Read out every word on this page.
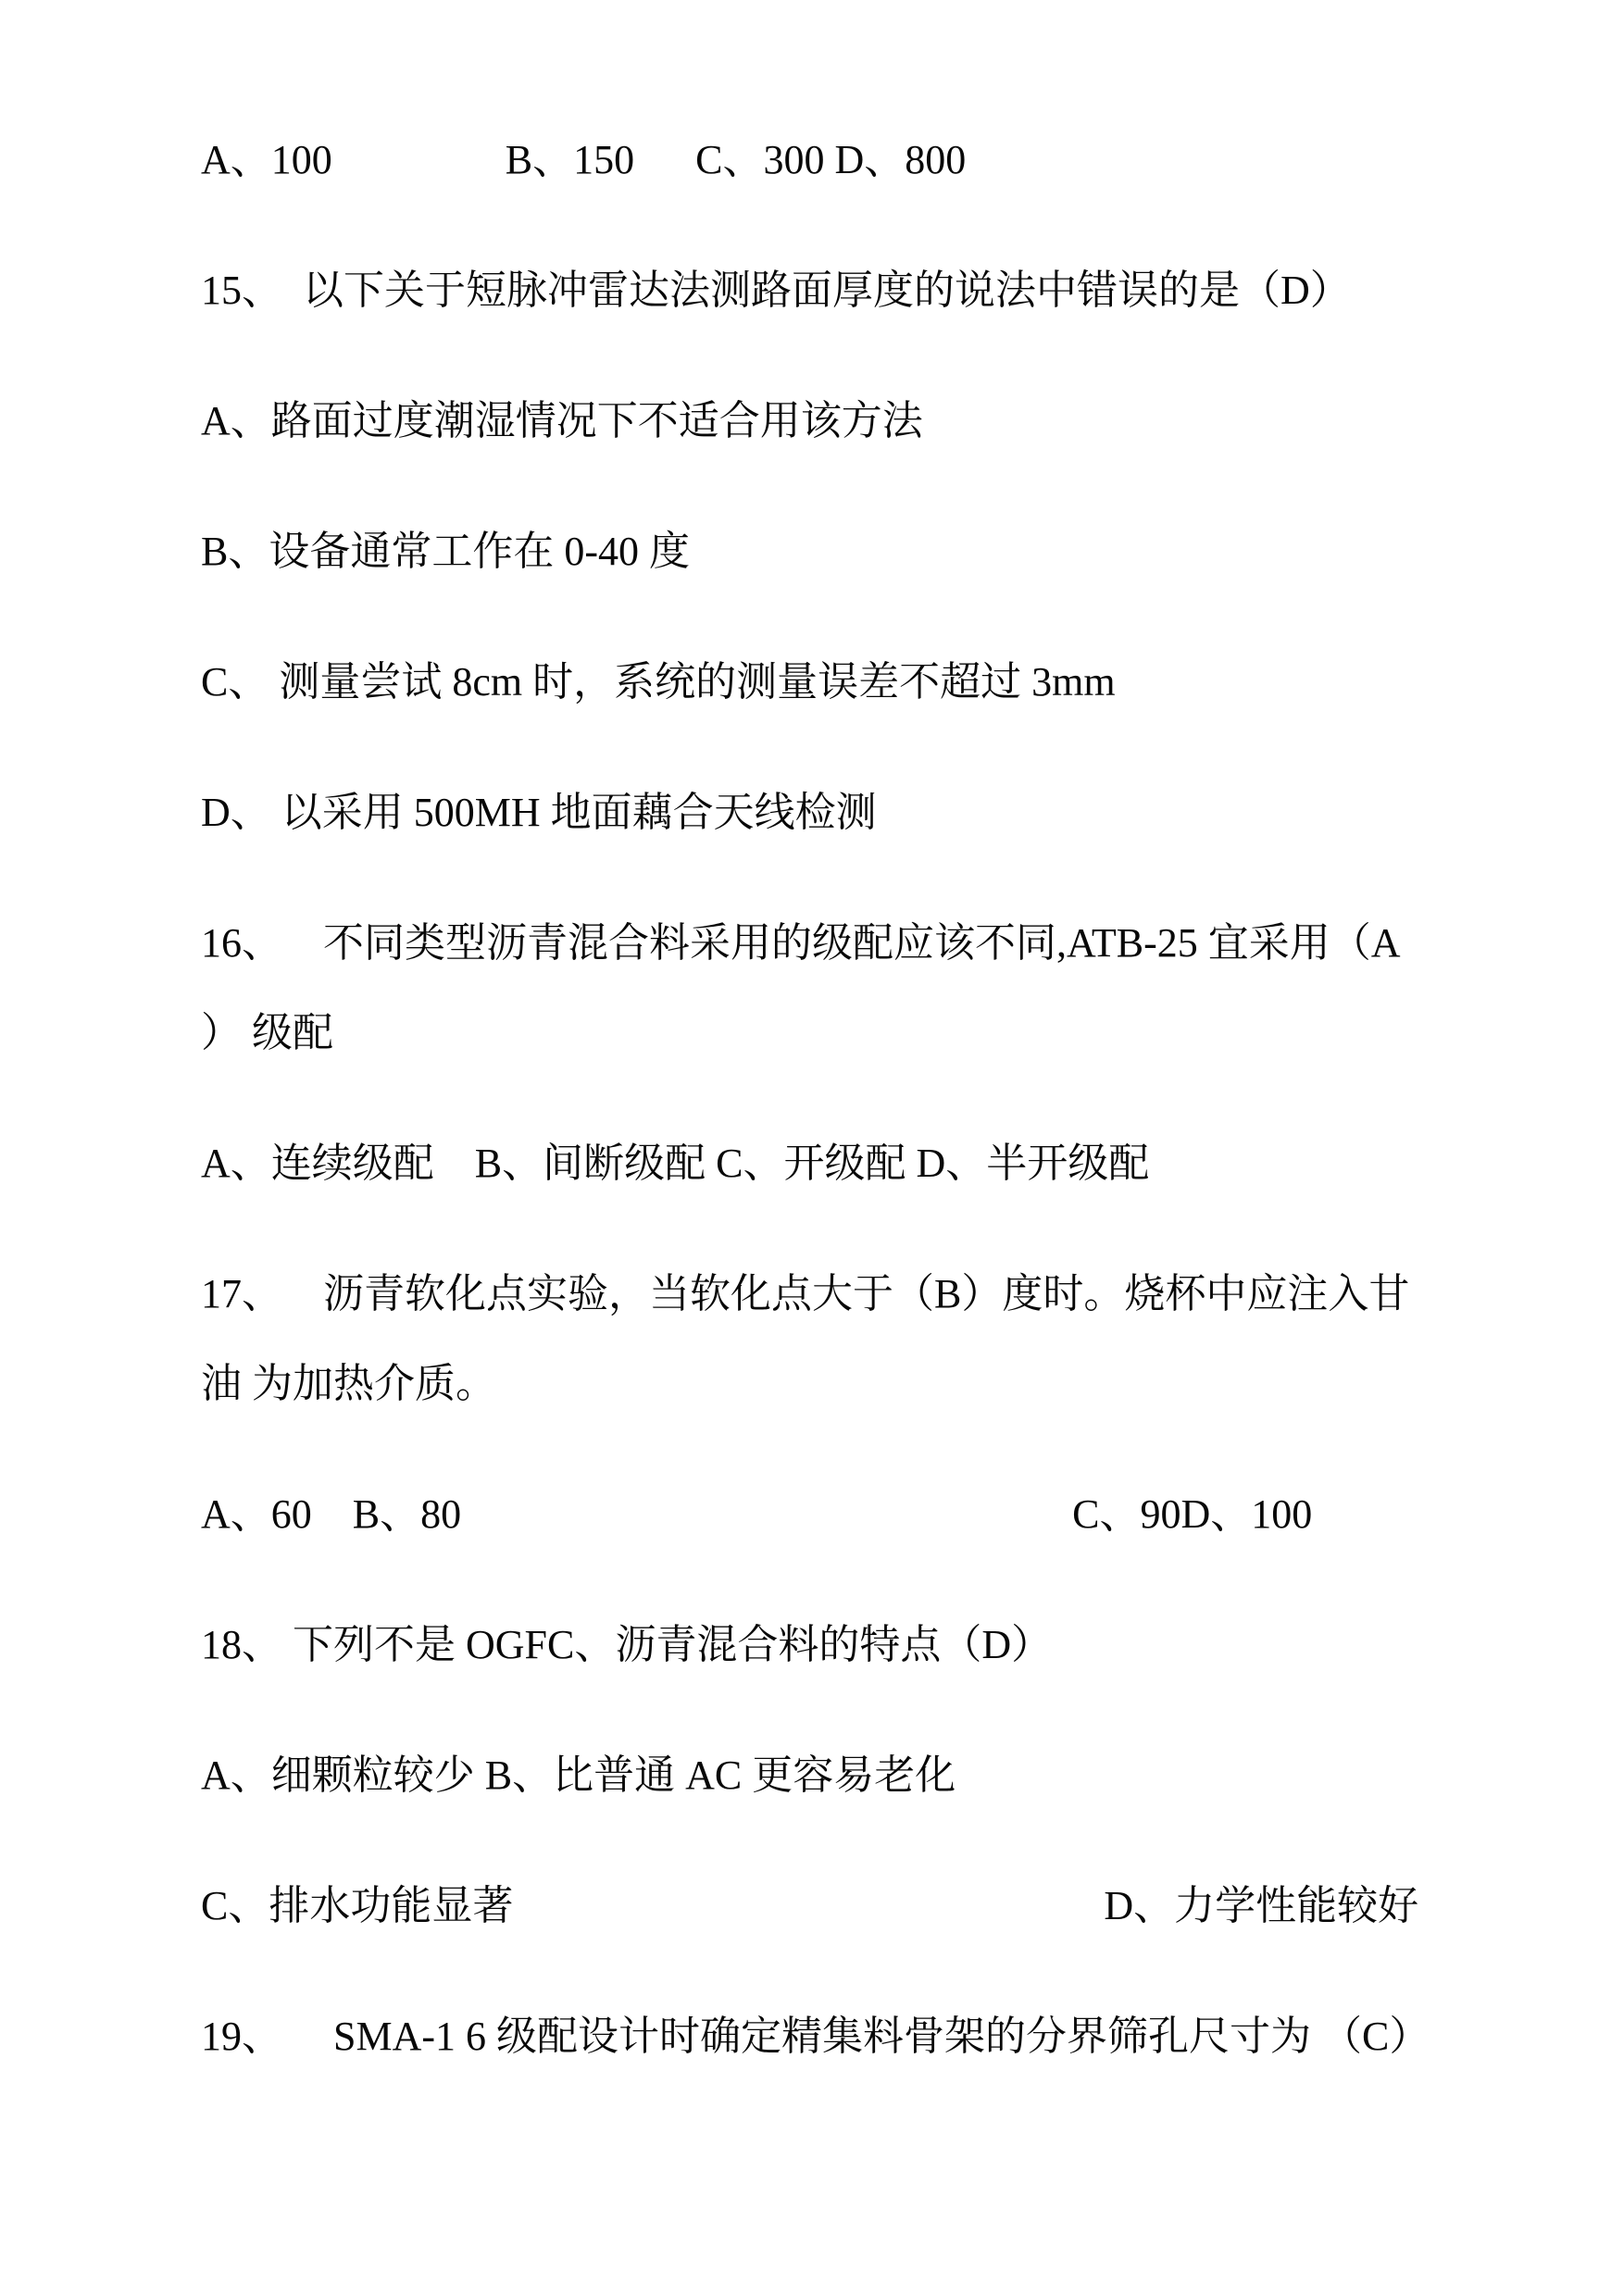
A、100                 B、150      C、300 D、800
15、  以下关于短脉冲雷达法测路面厚度的说法中错误的是（D）
A、路面过度潮湿情况下不适合用该方法
B、设备通常工作在 0-40 度
C、 测量尝试 8cm 时，系统的测量误差不超过 3mm
D、 以采用 500MH 地面藕合天线检测
16、    不同类型沥青混合料采用的级配应该不同,ATB-25 宜采用（A
） 级配
A、连续级配    B、间断级配 C、开级配 D、半开级配
17、    沥青软化点实验，当软化点大于（B）度时。烧杯中应注入甘
油 为加热介质。
A、60    B、80                                                            C、90D、100
18、 下列不是 OGFC、沥青混合料的特点（D）
A、细颗粒较少 B、比普通 AC 更容易老化
C、排水功能显著                                                          D、力学性能较好
19、     SMA-1 6 级配设计时确定精集料骨架的分界筛孔尺寸为 （C）
